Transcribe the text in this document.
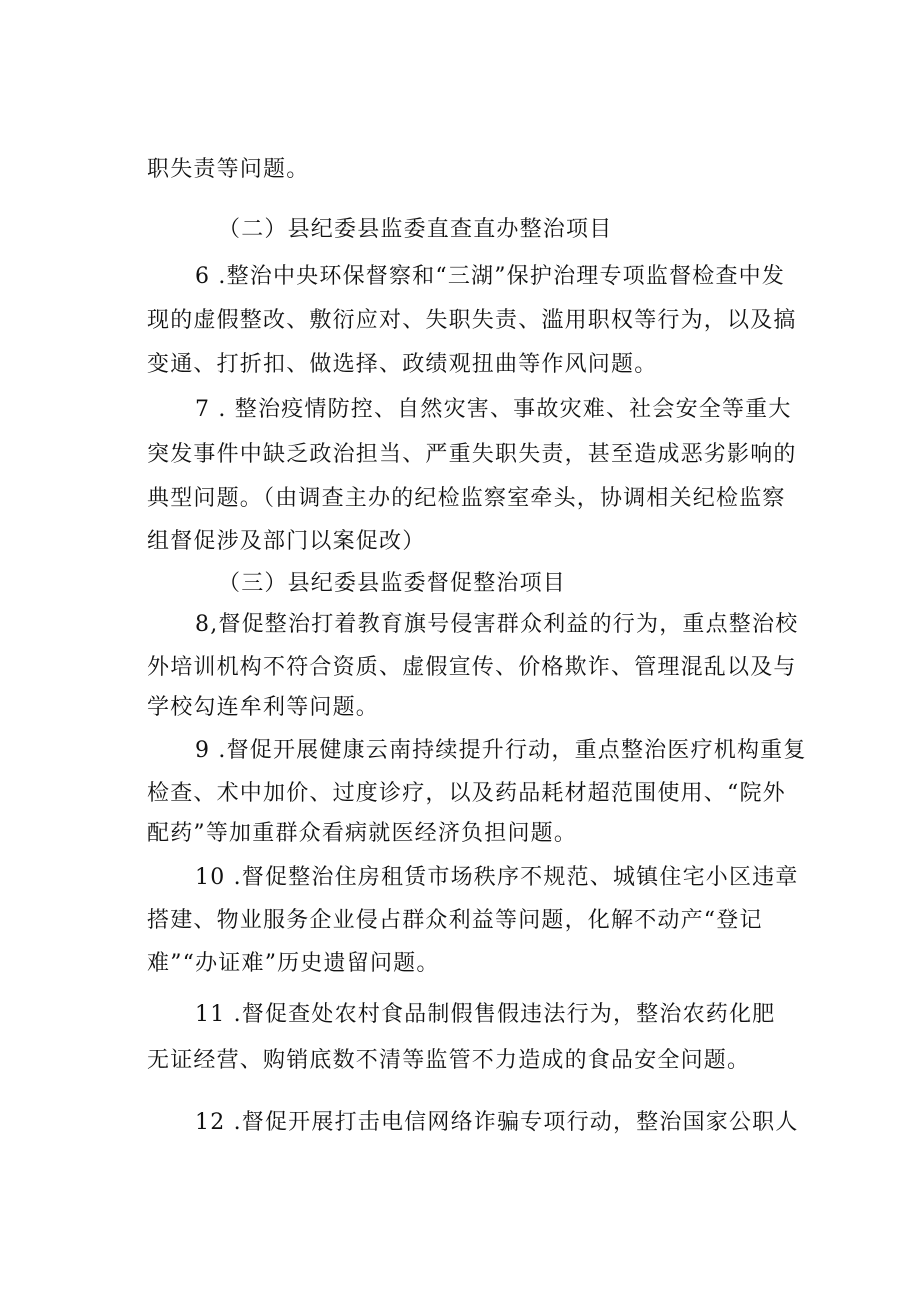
职失责等问题。
（二）县纪委县监委直查直办整治项目
6 .整治中央环保督察和“三湖”保护治理专项监督检查中发
现的虚假整改、敷衍应对、失职失责、滥用职权等行为，以及搞
变通、打折扣、做选择、政绩观扭曲等作风问题。
7 . 整治疫情防控、自然灾害、事故灾难、社会安全等重大
突发事件中缺乏政治担当、严重失职失责，甚至造成恶劣影响的
典型问题。（由调查主办的纪检监察室牵头，协调相关纪检监察
组督促涉及部门以案促改）
（三）县纪委县监委督促整治项目
8,督促整治打着教育旗号侵害群众利益的行为，重点整治校
外培训机构不符合资质、虚假宣传、价格欺诈、管理混乱以及与
学校勾连牟利等问题。
9 .督促开展健康云南持续提升行动，重点整治医疗机构重复
检查、术中加价、过度诊疗，以及药品耗材超范围使用、“院外
配药”等加重群众看病就医经济负担问题。
10 .督促整治住房租赁市场秩序不规范、城镇住宅小区违章
搭建、物业服务企业侵占群众利益等问题，化解不动产“登记
难”“办证难”历史遗留问题。
11 .督促查处农村食品制假售假违法行为，整治农药化肥
无证经营、购销底数不清等监管不力造成的食品安全问题。
12 .督促开展打击电信网络诈骗专项行动，整治国家公职人
